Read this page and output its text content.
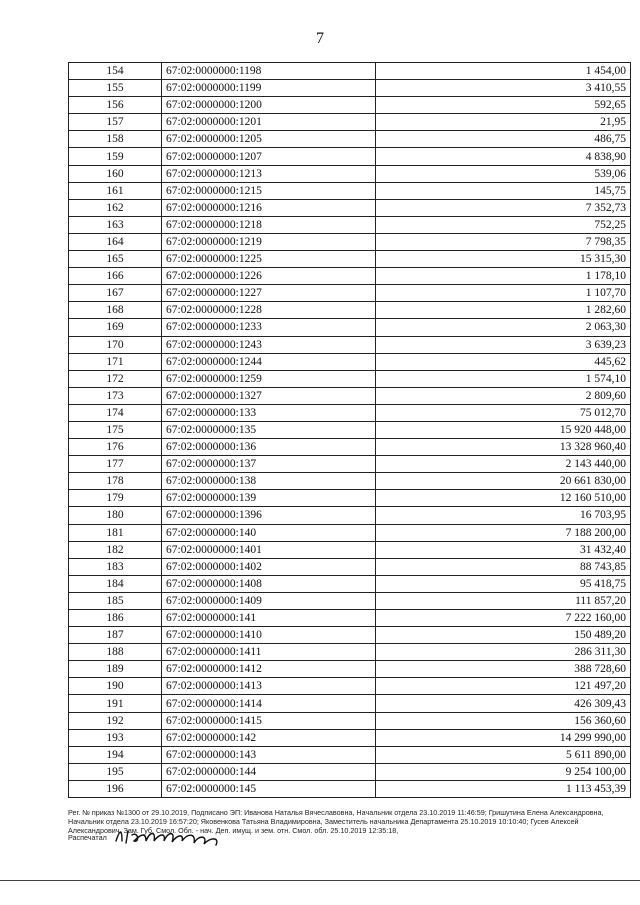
7
154	67:02:0000000:1198	1 454,00
155	67:02:0000000:1199	3 410,55
156	67:02:0000000:1200	592,65
157	67:02:0000000:1201	21,95
158	67:02:0000000:1205	486,75
159	67:02:0000000:1207	4 838,90
160	67:02:0000000:1213	539,06
161	67:02:0000000:1215	145,75
162	67:02:0000000:1216	7 352,73
163	67:02:0000000:1218	752,25
164	67:02:0000000:1219	7 798,35
165	67:02:0000000:1225	15 315,30
166	67:02:0000000:1226	1 178,10
167	67:02:0000000:1227	1 107,70
168	67:02:0000000:1228	1 282,60
169	67:02:0000000:1233	2 063,30
170	67:02:0000000:1243	3 639,23
171	67:02:0000000:1244	445,62
172	67:02:0000000:1259	1 574,10
173	67:02:0000000:1327	2 809,60
174	67:02:0000000:133	75 012,70
175	67:02:0000000:135	15 920 448,00
176	67:02:0000000:136	13 328 960,40
177	67:02:0000000:137	2 143 440,00
178	67:02:0000000:138	20 661 830,00
179	67:02:0000000:139	12 160 510,00
180	67:02:0000000:1396	16 703,95
181	67:02:0000000:140	7 188 200,00
182	67:02:0000000:1401	31 432,40
183	67:02:0000000:1402	88 743,85
184	67:02:0000000:1408	95 418,75
185	67:02:0000000:1409	111 857,20
186	67:02:0000000:141	7 222 160,00
187	67:02:0000000:1410	150 489,20
188	67:02:0000000:1411	286 311,30
189	67:02:0000000:1412	388 728,60
190	67:02:0000000:1413	121 497,20
191	67:02:0000000:1414	426 309,43
192	67:02:0000000:1415	156 360,60
193	67:02:0000000:142	14 299 990,00
194	67:02:0000000:143	5 611 890,00
195	67:02:0000000:144	9 254 100,00
196	67:02:0000000:145	1 113 453,39
Рег. № приказ №1300 от 29.10.2019, Подписано ЭП: Иванова Наталья Вячеславовна, Начальник отдела 23.10.2019 11:46:59; Гришутина Елена Александровна, Начальник отдела 23.10.2019 16:57:20; Яковенкова Татьяна Владимировна, Заместитель начальника Департамента 25.10.2019 10:10:40; Гусев Алексей Александрович, Зам. Губ. Смол. Обл. - нач. Деп. имущ. и зем. отн. Смол. обл. 25.10.2019 12:35:18,
Распечатал
